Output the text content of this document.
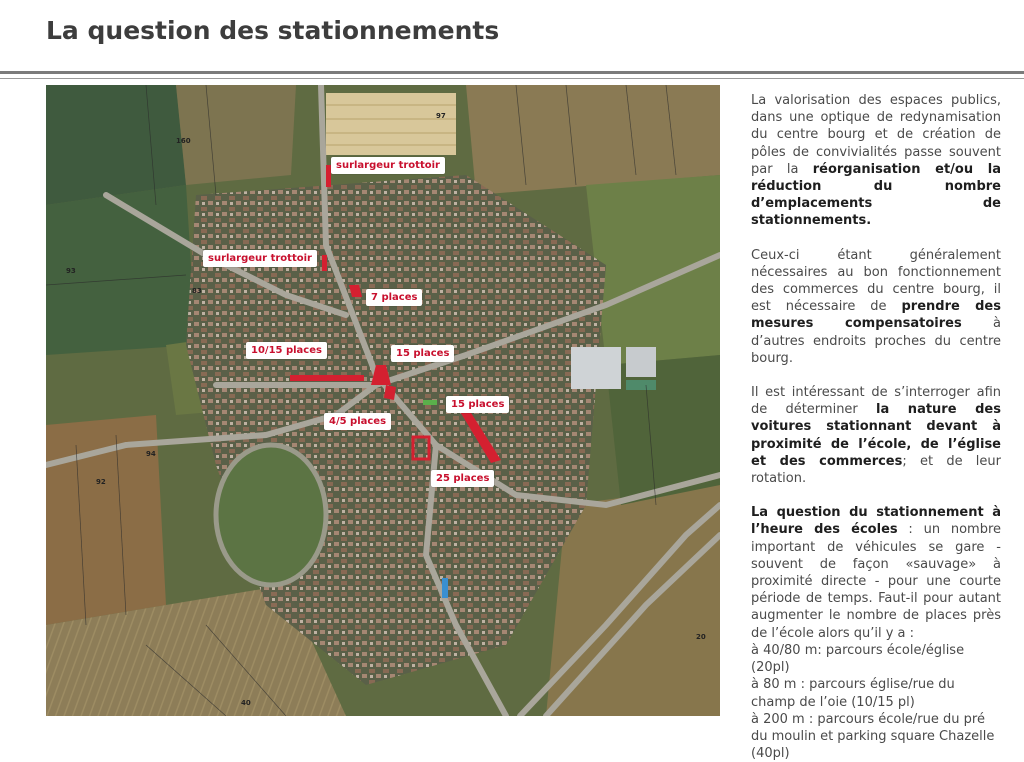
La question des stationnements
97
160
93
83
94
92
20
40
surlargeur trottoir
surlargeur trottoir
7 places
10/15 places	15 places
4/5 places
15 places
25 places

La valorisation des espaces publics, dans une optique de redynamisation du centre bourg et de création de pôles de convivialités passe souvent par la réorganisation et/ou la réduction du nombre d’emplacements de stationnements.

Ceux-ci étant généralement nécessaires au bon fonctionnement des commerces du centre bourg, il est nécessaire de prendre des mesures compensatoires à d’autres endroits proches du centre bourg.

Il est intéressant de s’interroger afin de déterminer la nature des voitures stationnant devant à proximité de l’école, de l’église et des commerces; et de leur rotation.

La question du stationnement à l’heure des écoles : un nombre important de véhicules se gare - souvent de façon «sauvage» à proximité directe - pour une courte période de temps. Faut-il pour autant augmenter le nombre de places près de l’école alors qu’il y a :

à 40/80 m: parcours école/église (20pl)
à 80 m : parcours église/rue du champ de l’oie (10/15 pl)
à 200 m : parcours école/rue du pré du moulin et parking square Chazelle (40pl)
